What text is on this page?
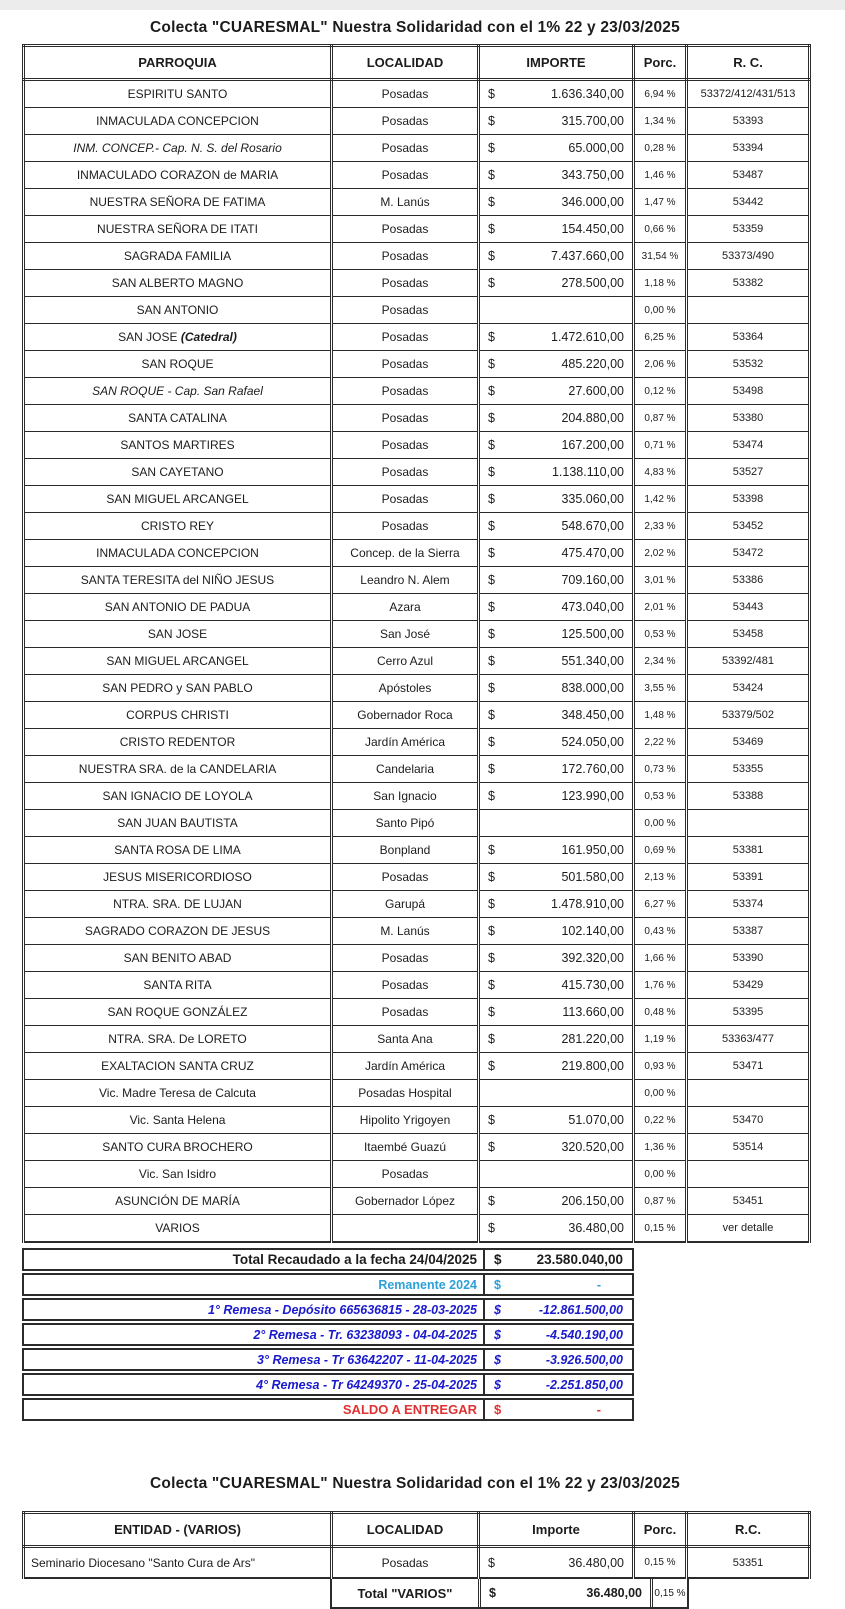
Colecta "CUARESMAL" Nuestra Solidaridad con el 1% 22 y 23/03/2025
PARROQUIA	LOCALIDAD	IMPORTE	Porc.	R. C.
ESPIRITU SANTO	Posadas	$ 1.636.340,00	6,94 %	53372/412/431/513
INMACULADA CONCEPCION	Posadas	$ 315.700,00	1,34 %	53393
INM. CONCEP.- Cap. N. S. del Rosario	Posadas	$ 65.000,00	0,28 %	53394
INMACULADO CORAZON de MARIA	Posadas	$ 343.750,00	1,46 %	53487
NUESTRA SEÑORA DE FATIMA	M. Lanús	$ 346.000,00	1,47 %	53442
NUESTRA SEÑORA DE ITATI	Posadas	$ 154.450,00	0,66 %	53359
SAGRADA FAMILIA	Posadas	$ 7.437.660,00	31,54 %	53373/490
SAN ALBERTO MAGNO	Posadas	$ 278.500,00	1,18 %	53382
SAN ANTONIO	Posadas		0,00 %	
SAN JOSE (Catedral)	Posadas	$ 1.472.610,00	6,25 %	53364
SAN ROQUE	Posadas	$ 485.220,00	2,06 %	53532
SAN ROQUE - Cap. San Rafael	Posadas	$ 27.600,00	0,12 %	53498
SANTA CATALINA	Posadas	$ 204.880,00	0,87 %	53380
SANTOS MARTIRES	Posadas	$ 167.200,00	0,71 %	53474
SAN CAYETANO	Posadas	$ 1.138.110,00	4,83 %	53527
SAN MIGUEL ARCANGEL	Posadas	$ 335.060,00	1,42 %	53398
CRISTO REY	Posadas	$ 548.670,00	2,33 %	53452
INMACULADA CONCEPCION	Concep. de la Sierra	$ 475.470,00	2,02 %	53472
SANTA TERESITA del NIÑO JESUS	Leandro N. Alem	$ 709.160,00	3,01 %	53386
SAN ANTONIO DE PADUA	Azara	$ 473.040,00	2,01 %	53443
SAN JOSE	San José	$ 125.500,00	0,53 %	53458
SAN MIGUEL ARCANGEL	Cerro Azul	$ 551.340,00	2,34 %	53392/481
SAN PEDRO y SAN PABLO	Apóstoles	$ 838.000,00	3,55 %	53424
CORPUS CHRISTI	Gobernador Roca	$ 348.450,00	1,48 %	53379/502
CRISTO REDENTOR	Jardín América	$ 524.050,00	2,22 %	53469
NUESTRA SRA. de la CANDELARIA	Candelaria	$ 172.760,00	0,73 %	53355
SAN IGNACIO DE LOYOLA	San Ignacio	$ 123.990,00	0,53 %	53388
SAN JUAN BAUTISTA	Santo Pipó		0,00 %	
SANTA ROSA DE LIMA	Bonpland	$ 161.950,00	0,69 %	53381
JESUS MISERICORDIOSO	Posadas	$ 501.580,00	2,13 %	53391
NTRA. SRA. DE LUJAN	Garupá	$ 1.478.910,00	6,27 %	53374
SAGRADO CORAZON DE JESUS	M. Lanús	$ 102.140,00	0,43 %	53387
SAN BENITO ABAD	Posadas	$ 392.320,00	1,66 %	53390
SANTA RITA	Posadas	$ 415.730,00	1,76 %	53429
SAN ROQUE GONZÁLEZ	Posadas	$ 113.660,00	0,48 %	53395
NTRA. SRA. De LORETO	Santa Ana	$ 281.220,00	1,19 %	53363/477
EXALTACION SANTA CRUZ	Jardín América	$ 219.800,00	0,93 %	53471
Vic. Madre Teresa de Calcuta	Posadas Hospital		0,00 %	
Vic. Santa Helena	Hipolito Yrigoyen	$ 51.070,00	0,22 %	53470
SANTO CURA BROCHERO	Itaembé Guazú	$ 320.520,00	1,36 %	53514
Vic. San Isidro	Posadas		0,00 %	
ASUNCIÓN DE MARÍA	Gobernador López	$ 206.150,00	0,87 %	53451
VARIOS		$ 36.480,00	0,15 %	ver detalle
Total Recaudado a la fecha 24/04/2025	$	23.580.040,00
Remanente 2024	$	-
1° Remesa - Depósito 665636815 - 28-03-2025	$	-12.861.500,00
2° Remesa - Tr. 63238093 - 04-04-2025	$	-4.540.190,00
3° Remesa - Tr 63642207 - 11-04-2025	$	-3.926.500,00
4° Remesa - Tr 64249370 - 25-04-2025	$	-2.251.850,00
SALDO A ENTREGAR	$	-
Colecta "CUARESMAL" Nuestra Solidaridad con el 1% 22 y 23/03/2025
ENTIDAD - (VARIOS)	LOCALIDAD	Importe	Porc.	R.C.
Seminario Diocesano "Santo Cura de Ars"	Posadas	$ 36.480,00	0,15 %	53351
Total "VARIOS"	$	36.480,00 0,15 %
